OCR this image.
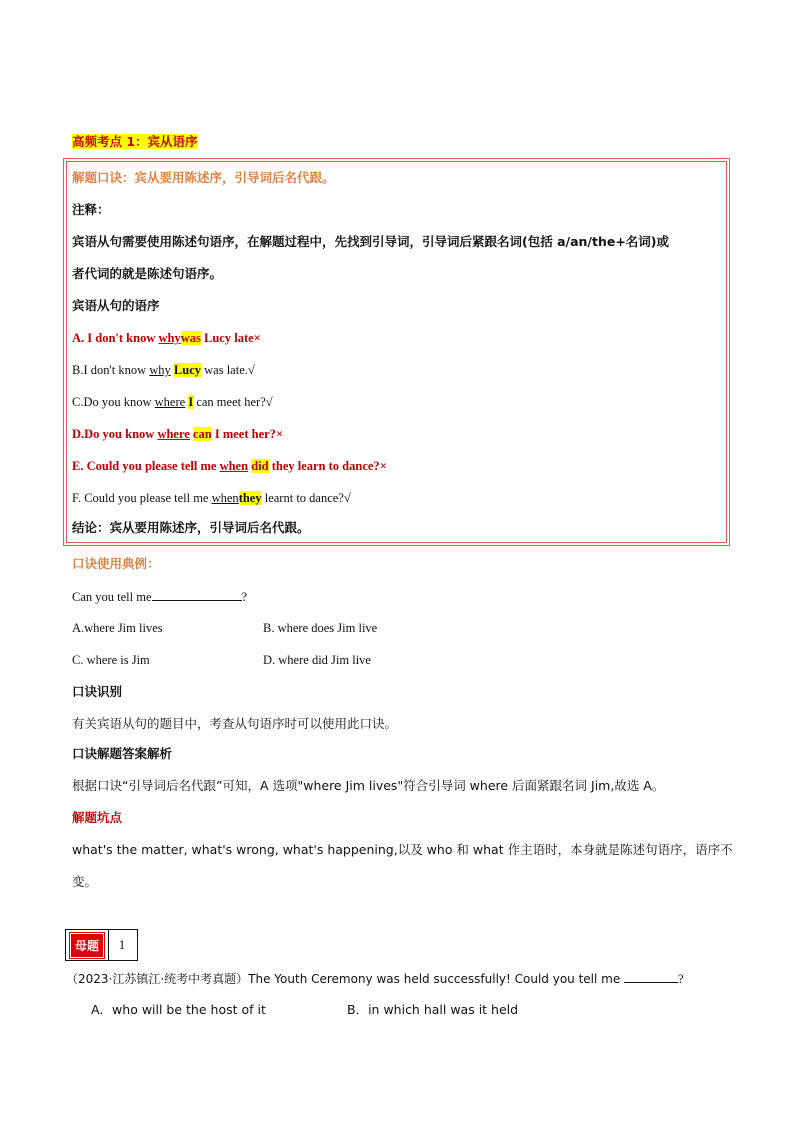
高频考点 1：宾从语序
解题口诀：宾从要用陈述序，引导词后名代跟。
注释：
宾语从句需要使用陈述句语序，在解题过程中，先找到引导词，引导词后紧跟名词(包括 a/an/the+名词)或
者代词的就是陈述句语序。
宾语从句的语序
A. I don't know whywas Lucy late×
B.I don't know why Lucy was late.√
C.Do you know where I can meet her?√
D.Do you know where can I meet her?×
E. Could you please tell me when did they learn to dance?×
F. Could you please tell me whenthey learnt to dance?√
结论：宾从要用陈述序，引导词后名代跟。
口诀使用典例：
Can you tell me	?
A.where Jim lives	B. where does Jim live
C. where is Jim	D. where did Jim live
口诀识别
有关宾语从句的题目中，考查从句语序时可以使用此口诀。
口诀解题答案解析
根据口诀“引导词后名代跟”可知，A 选项"where Jim lives"符合引导词 where 后面紧跟名词 Jim,故选 A。
解题坑点
what's the matter, what's wrong, what's happening,以及 who 和 what 作主语时，本身就是陈述句语序，语序不
变。
母题	1
（2023·江苏镇江·统考中考真题）The Youth Ceremony was held successfully! Could you tell me	?
A．who will be the host of it	B．in which hall was it held
